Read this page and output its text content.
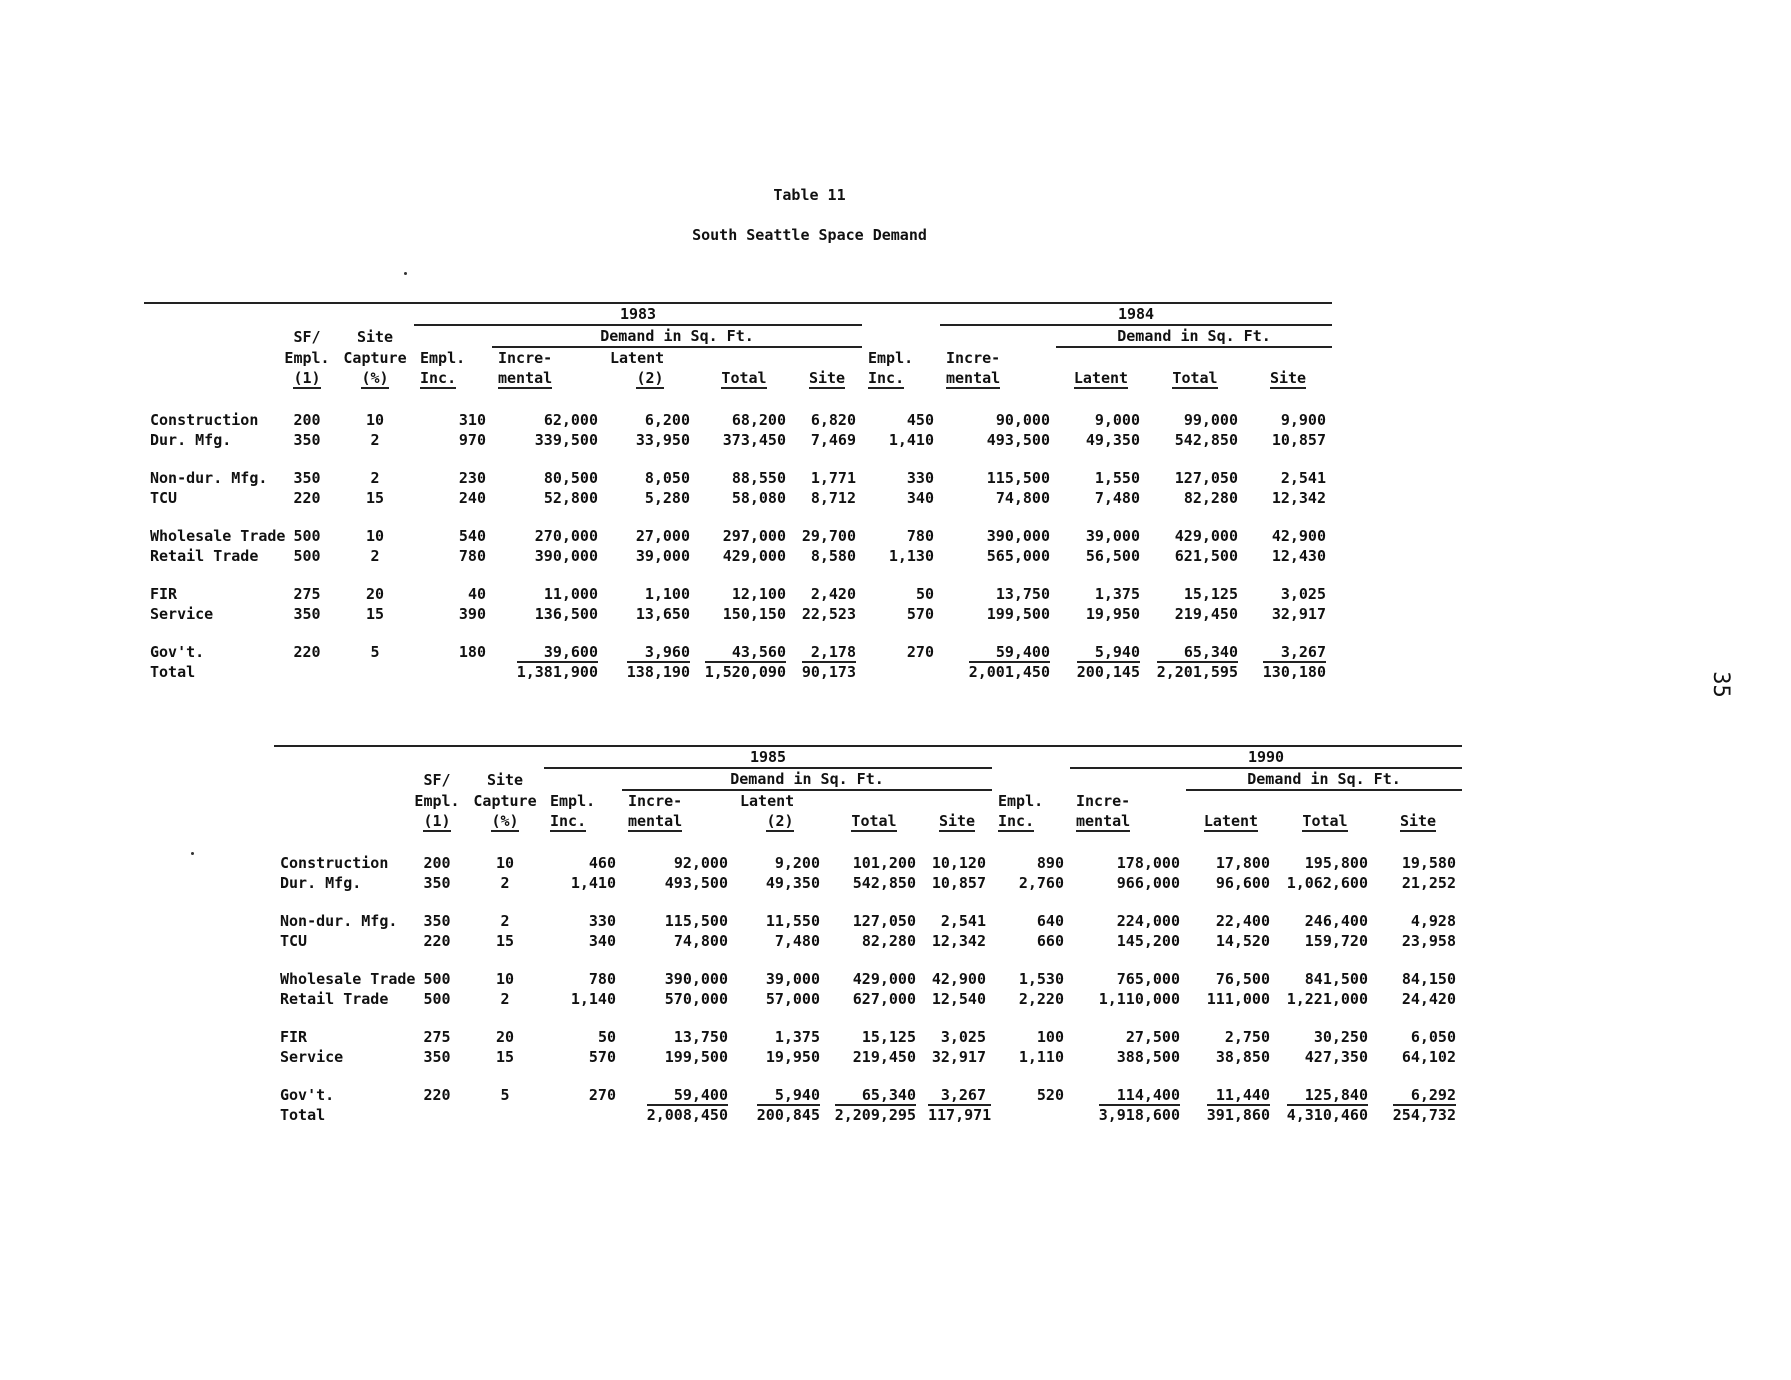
Table 11
South Seattle Space Demand
35
			1983						1984			
	SF/	Site		Demand in Sq. Ft.						Demand in Sq. Ft.		
	Empl.	Capture	Empl.	Incre-	Latent			Empl.	Incre-			
	(1)	(%)	Inc.	mental	(2)	Total	Site	Inc.	mental	Latent	Total	Site

Construction	200	10	310	62,000	6,200	68,200	6,820	450	90,000	9,000	99,000	9,900
Dur. Mfg.	350	2	970	339,500	33,950	373,450	7,469	1,410	493,500	49,350	542,850	10,857

Non-dur. Mfg.	350	2	230	80,500	8,050	88,550	1,771	330	115,500	1,550	127,050	2,541
TCU	220	15	240	52,800	5,280	58,080	8,712	340	74,800	7,480	82,280	12,342

Wholesale Trade	500	10	540	270,000	27,000	297,000	29,700	780	390,000	39,000	429,000	42,900
Retail Trade	500	2	780	390,000	39,000	429,000	8,580	1,130	565,000	56,500	621,500	12,430

FIR	275	20	40	11,000	1,100	12,100	2,420	50	13,750	1,375	15,125	3,025
Service	350	15	390	136,500	13,650	150,150	22,523	570	199,500	19,950	219,450	32,917

Gov't.	220	5	180	39,600	3,960	43,560	2,178	270	59,400	5,940	65,340	3,267
Total				1,381,900	138,190	1,520,090	90,173		2,001,450	200,145	2,201,595	130,180
			1985						1990			
	SF/	Site		Demand in Sq. Ft.						Demand in Sq. Ft.		
	Empl.	Capture	Empl.	Incre-	Latent			Empl.	Incre-			
	(1)	(%)	Inc.	mental	(2)	Total	Site	Inc.	mental	Latent	Total	Site

Construction	200	10	460	92,000	9,200	101,200	10,120	890	178,000	17,800	195,800	19,580
Dur. Mfg.	350	2	1,410	493,500	49,350	542,850	10,857	2,760	966,000	96,600	1,062,600	21,252

Non-dur. Mfg.	350	2	330	115,500	11,550	127,050	2,541	640	224,000	22,400	246,400	4,928
TCU	220	15	340	74,800	7,480	82,280	12,342	660	145,200	14,520	159,720	23,958

Wholesale Trade	500	10	780	390,000	39,000	429,000	42,900	1,530	765,000	76,500	841,500	84,150
Retail Trade	500	2	1,140	570,000	57,000	627,000	12,540	2,220	1,110,000	111,000	1,221,000	24,420

FIR	275	20	50	13,750	1,375	15,125	3,025	100	27,500	2,750	30,250	6,050
Service	350	15	570	199,500	19,950	219,450	32,917	1,110	388,500	38,850	427,350	64,102

Gov't.	220	5	270	59,400	5,940	65,340	3,267	520	114,400	11,440	125,840	6,292
Total				2,008,450	200,845	2,209,295	117,971		3,918,600	391,860	4,310,460	254,732
